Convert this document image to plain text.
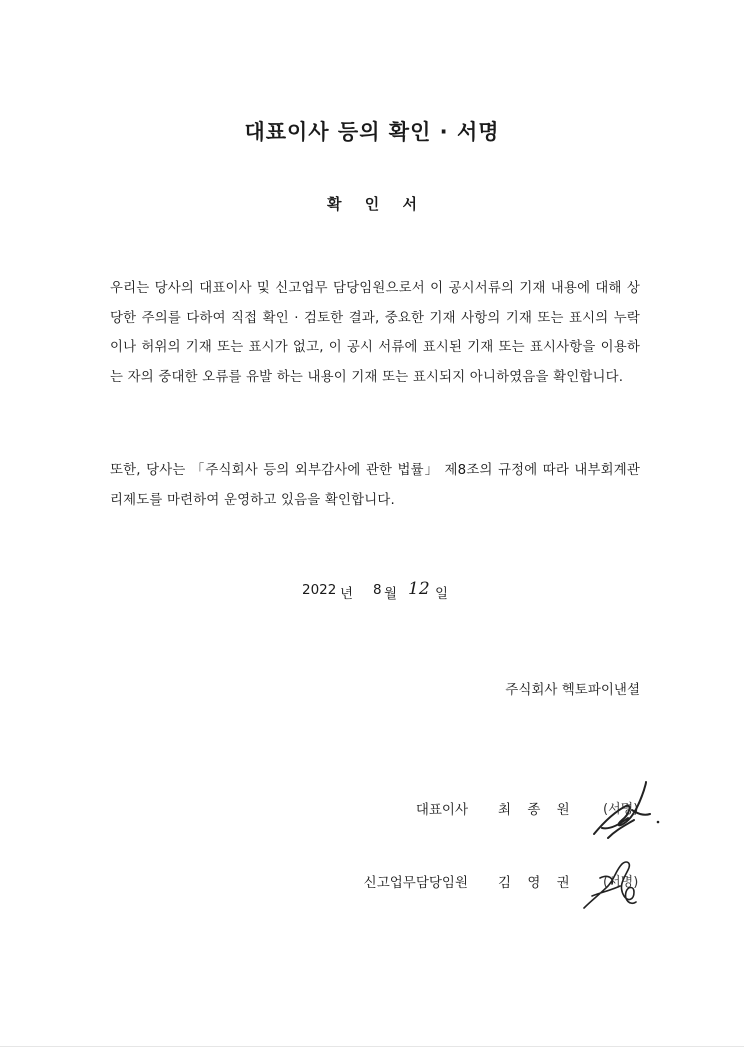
대표이사 등의 확인 · 서명
확 인 서

우리는 당사의 대표이사 및 신고업무 담당임원으로서 이 공시서류의 기재 내용에 대해 상당한 주의를 다하여 직접 확인 · 검토한 결과, 중요한 기재 사항의 기재 또는 표시의 누락이나 허위의 기재 또는 표시가 없고, 이 공시 서류에 표시된 기재 또는 표시사항을 이용하는 자의 중대한 오류를 유발 하는 내용이 기재 또는 표시되지 아니하였음을 확인합니다.

또한, 당사는 「주식회사 등의 외부감사에 관한 법률」 제8조의 규정에 따라 내부회계관리제도를 마련하여 운영하고 있음을 확인합니다.

2022 년 8 월 12 일

주식회사 헥토파이낸셜

대표이사 최 종 원 (서명)
신고업무담당임원 김 영 권 (서명)
